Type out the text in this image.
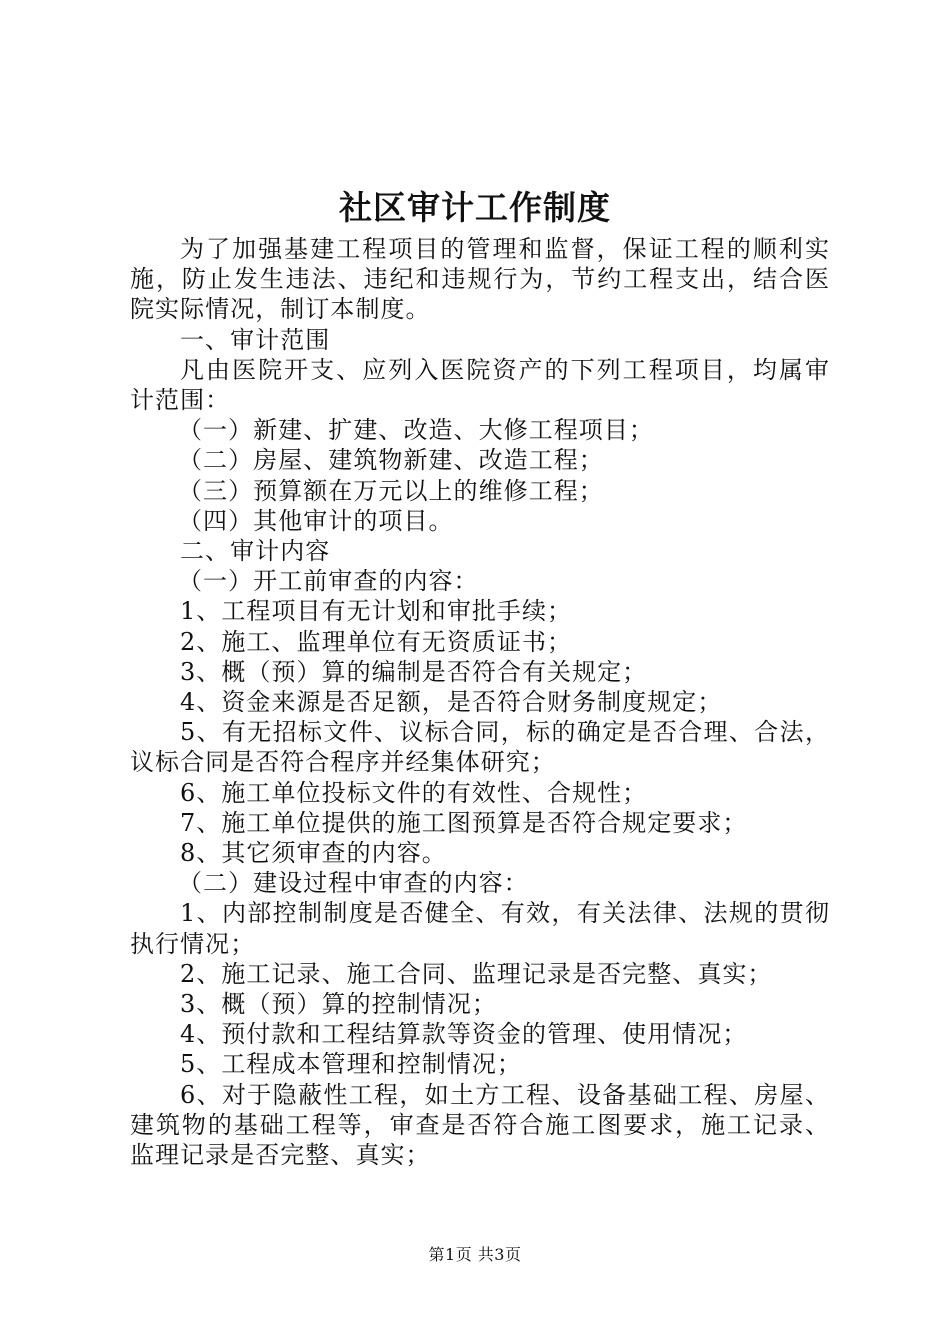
社区审计工作制度

为了加强基建工程项目的管理和监督，保证工程的顺利实施，防止发生违法、违纪和违规行为，节约工程支出，结合医院实际情况，制订本制度。

一、审计范围

凡由医院开支、应列入医院资产的下列工程项目，均属审计范围：

（一）新建、扩建、改造、大修工程项目；

（二）房屋、建筑物新建、改造工程；

（三）预算额在万元以上的维修工程；

（四）其他审计的项目。

二、审计内容

（一）开工前审查的内容：

1、工程项目有无计划和审批手续；

2、施工、监理单位有无资质证书；

3、概（预）算的编制是否符合有关规定；

4、资金来源是否足额，是否符合财务制度规定；

5、有无招标文件、议标合同，标的确定是否合理、合法，议标合同是否符合程序并经集体研究；

6、施工单位投标文件的有效性、合规性；

7、施工单位提供的施工图预算是否符合规定要求；

8、其它须审查的内容。

（二）建设过程中审查的内容：

1、内部控制制度是否健全、有效，有关法律、法规的贯彻执行情况；

2、施工记录、施工合同、监理记录是否完整、真实；

3、概（预）算的控制情况；

4、预付款和工程结算款等资金的管理、使用情况；

5、工程成本管理和控制情况；

6、对于隐蔽性工程，如土方工程、设备基础工程、房屋、建筑物的基础工程等，审查是否符合施工图要求，施工记录、监理记录是否完整、真实；

第1页 共3页
